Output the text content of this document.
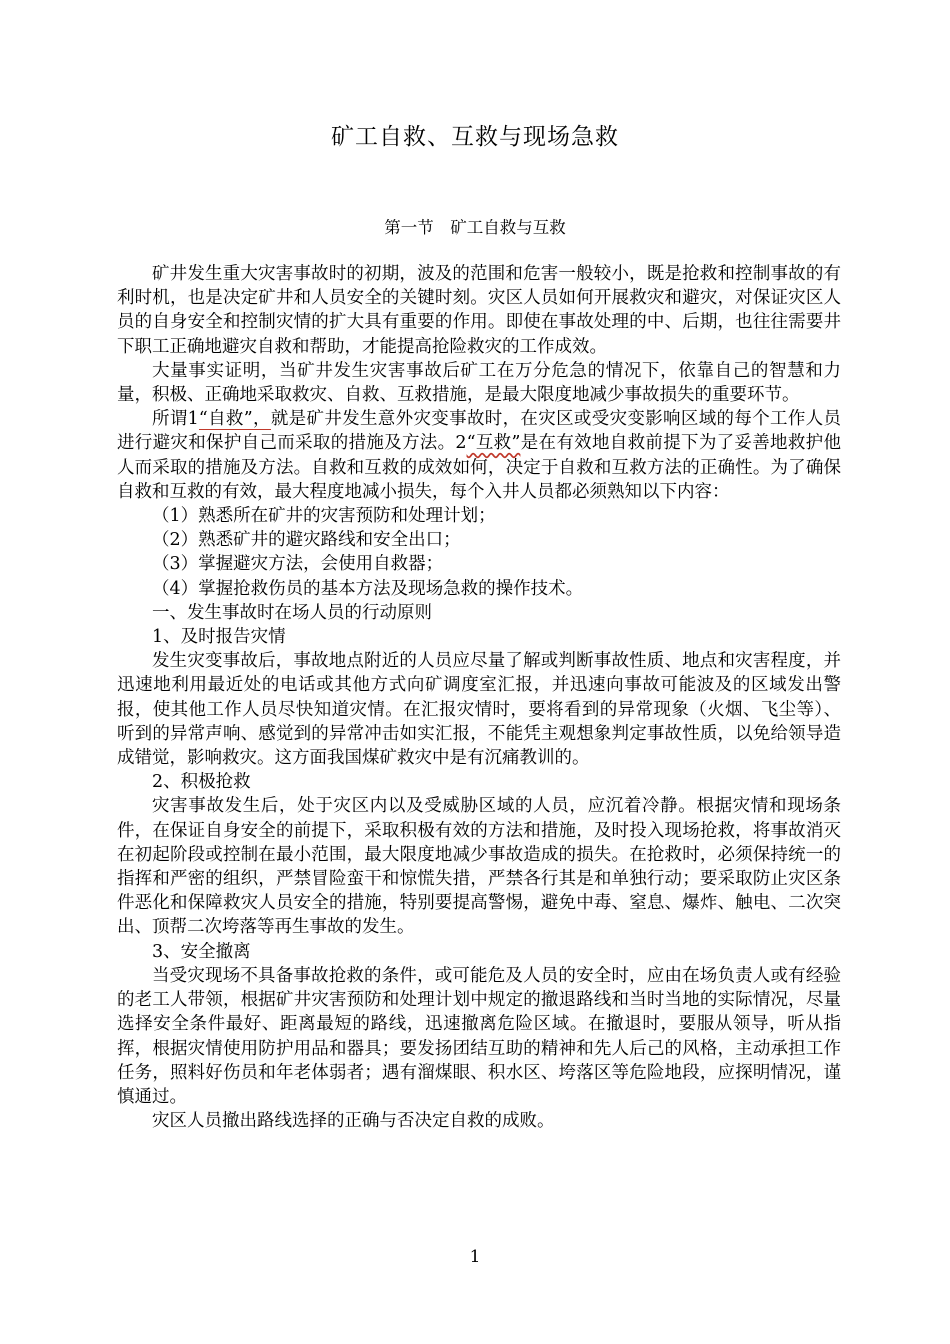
矿工自救、互救与现场急救
第一节　矿工自救与互救

矿井发生重大灾害事故时的初期，波及的范围和危害一般较小，既是抢救和控制事故的有利时机，也是决定矿井和人员安全的关键时刻。灾区人员如何开展救灾和避灾，对保证灾区人员的自身安全和控制灾情的扩大具有重要的作用。即使在事故处理的中、后期，也往往需要井下职工正确地避灾自救和帮助，才能提高抢险救灾的工作成效。

大量事实证明，当矿井发生灾害事故后矿工在万分危急的情况下，依靠自己的智慧和力量，积极、正确地采取救灾、自救、互救措施，是最大限度地减少事故损失的重要环节。

所谓1“自救”，就是矿井发生意外灾变事故时，在灾区或受灾变影响区域的每个工作人员进行避灾和保护自己而采取的措施及方法。2“互救”是在有效地自救前提下为了妥善地救护他人而采取的措施及方法。自救和互救的成效如何，决定于自救和互救方法的正确性。为了确保自救和互救的有效，最大程度地减小损失，每个入井人员都必须熟知以下内容：

（1）熟悉所在矿井的灾害预防和处理计划；

（2）熟悉矿井的避灾路线和安全出口；

（3）掌握避灾方法，会使用自救器；

（4）掌握抢救伤员的基本方法及现场急救的操作技术。

一、发生事故时在场人员的行动原则

1、及时报告灾情

发生灾变事故后，事故地点附近的人员应尽量了解或判断事故性质、地点和灾害程度，并迅速地利用最近处的电话或其他方式向矿调度室汇报，并迅速向事故可能波及的区域发出警报，使其他工作人员尽快知道灾情。在汇报灾情时，要将看到的异常现象（火烟、飞尘等）、听到的异常声响、感觉到的异常冲击如实汇报，不能凭主观想象判定事故性质，以免给领导造成错觉，影响救灾。这方面我国煤矿救灾中是有沉痛教训的。

2、积极抢救

灾害事故发生后，处于灾区内以及受威胁区域的人员，应沉着冷静。根据灾情和现场条件，在保证自身安全的前提下，采取积极有效的方法和措施，及时投入现场抢救，将事故消灭在初起阶段或控制在最小范围，最大限度地减少事故造成的损失。在抢救时，必须保持统一的指挥和严密的组织，严禁冒险蛮干和惊慌失措，严禁各行其是和单独行动；要采取防止灾区条件恶化和保障救灾人员安全的措施，特别要提高警惕，避免中毒、窒息、爆炸、触电、二次突出、顶帮二次垮落等再生事故的发生。

3、安全撤离

当受灾现场不具备事故抢救的条件，或可能危及人员的安全时，应由在场负责人或有经验的老工人带领，根据矿井灾害预防和处理计划中规定的撤退路线和当时当地的实际情况，尽量选择安全条件最好、距离最短的路线，迅速撤离危险区域。在撤退时，要服从领导，听从指挥，根据灾情使用防护用品和器具；要发扬团结互助的精神和先人后己的风格，主动承担工作任务，照料好伤员和年老体弱者；遇有溜煤眼、积水区、垮落区等危险地段，应探明情况，谨慎通过。

灾区人员撤出路线选择的正确与否决定自救的成败。

1
